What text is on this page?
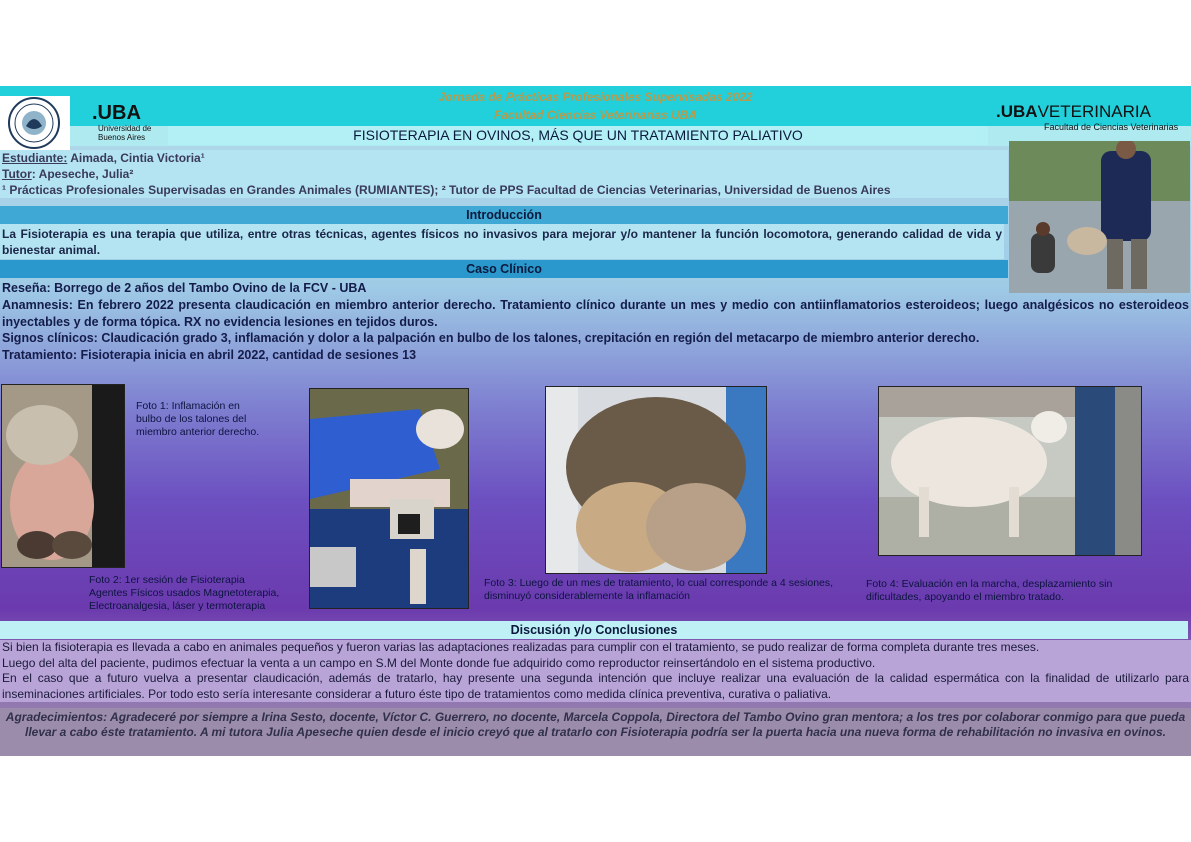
.UBA
Universidad de
Buenos Aires
Jornada de Prácticas Profesionales Supervisadas 2022
Facultad Ciencias Veterinarias UBA	.UBAVETERINARIA
Facultad de Ciencias Veterinarias
FISIOTERAPIA EN OVINOS, MÁS QUE UN TRATAMIENTO PALIATIVO

Estudiante: Aimada, Cintia Victoria¹

Tutor: Apeseche, Julia²

¹ Prácticas Profesionales Supervisadas en Grandes Animales (RUMIANTES); ² Tutor de PPS Facultad de Ciencias Veterinarias, Universidad de Buenos Aires

Introducción
La Fisioterapia es una terapia que utiliza, entre otras técnicas, agentes físicos no invasivos para mejorar y/o mantener la función locomotora, generando calidad de vida y bienestar animal.
Caso Clínico

Reseña: Borrego de 2 años del Tambo Ovino de la FCV - UBA

Anamnesis: En febrero 2022 presenta claudicación en miembro anterior derecho. Tratamiento clínico durante un mes y medio con antiinflamatorios esteroideos; luego analgésicos no esteroideos inyectables y de forma tópica. RX no evidencia lesiones en tejidos duros.

Signos clínicos: Claudicación grado 3, inflamación y dolor a la palpación en bulbo de los talones, crepitación en región del metacarpo de miembro anterior derecho.

Tratamiento: Fisioterapia inicia en abril 2022, cantidad de sesiones 13

Foto 1: Inflamación en bulbo de los talones del miembro anterior derecho.
Foto 2: 1er sesión de Fisioterapia
Agentes Físicos usados Magnetoterapia,
Electroanalgesia, láser y termoterapia
Foto 3: Luego de un mes de tratamiento, lo cual corresponde a 4 sesiones, disminuyó considerablemente la inflamación
Foto 4: Evaluación en la marcha, desplazamiento sin dificultades, apoyando el miembro tratado.
Discusión y/o Conclusiones

Si bien la fisioterapia es llevada a cabo en animales pequeños y fueron varias las adaptaciones realizadas para cumplir con el tratamiento, se pudo realizar de forma completa durante tres meses.

Luego del alta del paciente, pudimos efectuar la venta a un campo en S.M del Monte donde fue adquirido como reproductor reinsertándolo en el sistema productivo.

En el caso que a futuro vuelva a presentar claudicación, además de tratarlo, hay presente una segunda intención que incluye realizar una evaluación de la calidad espermática con la finalidad de utilizarlo para inseminaciones artificiales. Por todo esto sería interesante considerar a futuro éste tipo de tratamientos como medida clínica preventiva, curativa o paliativa.

Agradecimientos: Agradeceré por siempre a Irina Sesto, docente, Víctor C. Guerrero, no docente, Marcela Coppola, Directora del Tambo Ovino gran mentora; a los tres por colaborar conmigo para que pueda llevar a cabo éste tratamiento. A mi tutora Julia Apeseche quien desde el inicio creyó que al tratarlo con Fisioterapia podría ser la puerta hacia una nueva forma de rehabilitación no invasiva en ovinos.
